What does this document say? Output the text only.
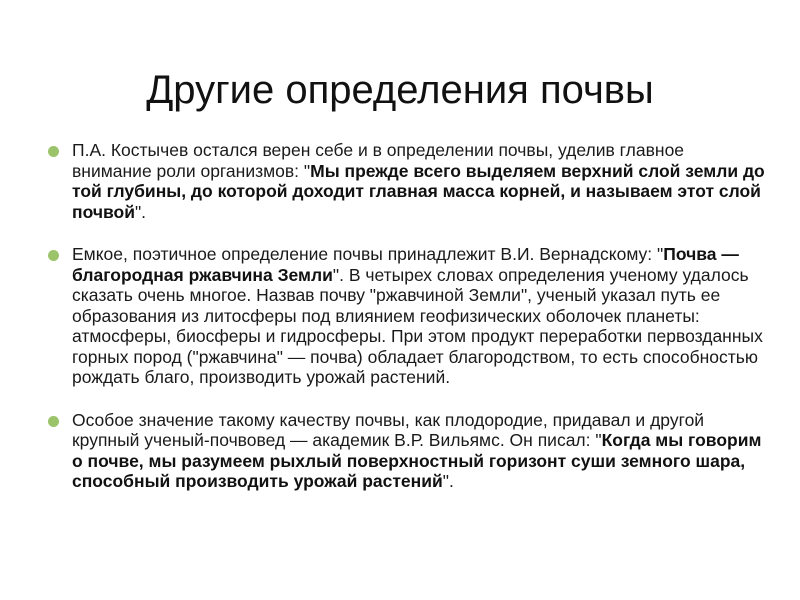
Другие определения почвы
П.А. Костычев остался верен себе и в определении почвы, уделив главное внимание роли организмов: "Мы прежде всего выделяем верхний слой земли до той глубины, до которой доходит главная масса корней, и называем этот слой почвой".
Емкое, поэтичное определение почвы принадлежит В.И. Вернадскому: "Почва — благородная ржавчина Земли". В четырех словах определения ученому удалось сказать очень многое. Назвав почву "ржавчиной Земли", ученый указал путь ее образования из литосферы под влиянием геофизических оболочек планеты: атмосферы, биосферы и гидросферы. При этом продукт переработки первозданных горных пород ("ржавчина" — почва) обладает благородством, то есть способностью рождать благо, производить урожай растений.
Особое значение такому качеству почвы, как плодородие, придавал и другой крупный ученый-почвовед — академик В.Р. Вильямс. Он писал: "Когда мы говорим о почве, мы разумеем рыхлый поверхностный горизонт суши земного шара, способный производить урожай растений".
